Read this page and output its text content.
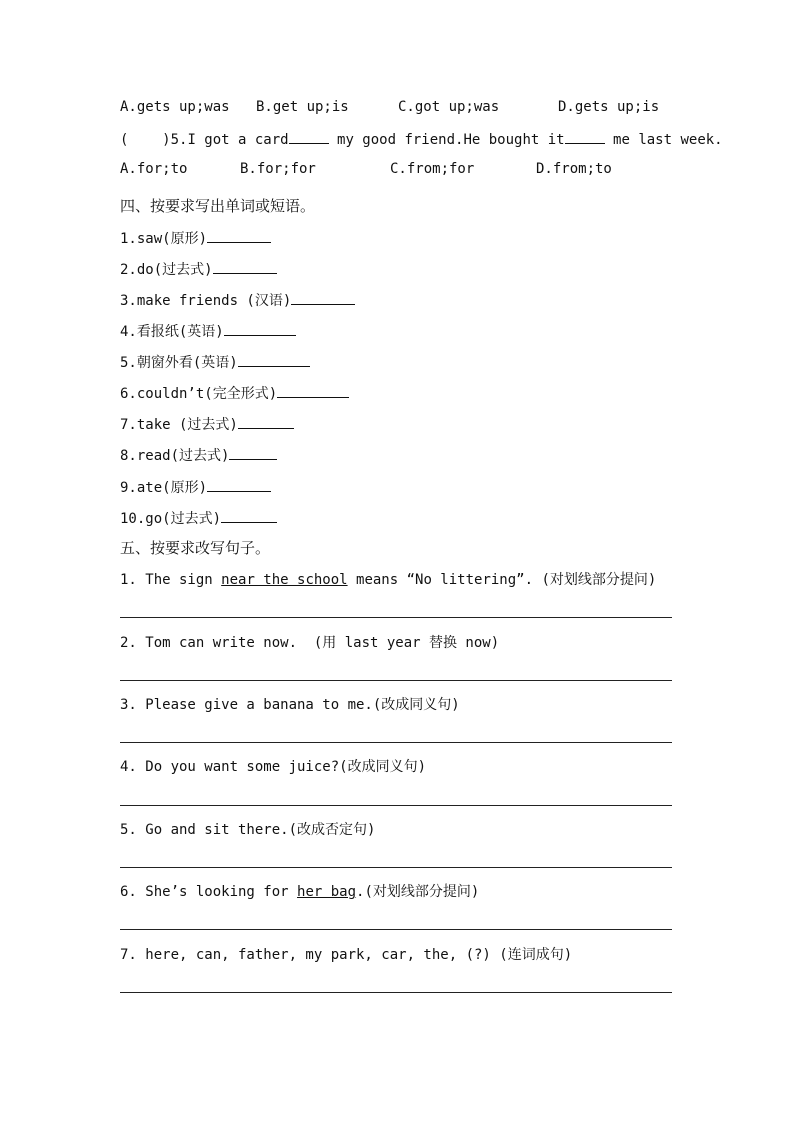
A.gets up;was B.get up;is	C.got up;was	D.gets up;is
(    )5.I got a card	my good friend.He bought it	me last week.
A.for;to	B.for;for	C.from;for	D.from;to
四、按要求写出单词或短语。
1.saw(原形)
2.do(过去式)
3.make friends (汉语)
4.看报纸(英语)
5.朝窗外看(英语)
6.couldn’t(完全形式)
7.take (过去式)
8.read(过去式)
9.ate(原形)
10.go(过去式)
五、按要求改写句子。
1. The sign near the school means “No littering”. (对划线部分提问)
2. Tom can write now.  (用 last year 替换 now)
3. Please give a banana to me.(改成同义句)
4. Do you want some juice?(改成同义句)
5. Go and sit there.(改成否定句)
6. She’s looking for her bag.(对划线部分提问)
7. here, can, father, my park, car, the, (?) (连词成句)
